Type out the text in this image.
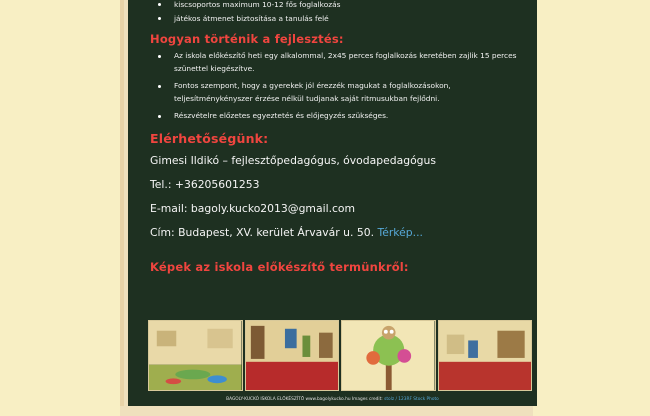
kiscsoportos maximum 10-12 fős foglalkozás
játékos átmenet biztosítása a tanulás felé
Hogyan történik a fejlesztés:
Az iskola előkészítő heti egy alkalommal, 2x45 perces foglalkozás keretében zajlik 15 perces szünettel kiegészítve.
Fontos szempont, hogy a gyerekek jól érezzék magukat a foglalkozásokon, teljesítménykényszer érzése nélkül tudjanak saját ritmusukban fejlődni.
Részvételre előzetes egyeztetés és előjegyzés szükséges.
Elérhetőségünk:
Gimesi Ildikó – fejlesztőpedagógus, óvodapedagógus
Tel.: +36205601253
E-mail: bagoly.kucko2013@gmail.com
Cím: Budapest, XV. kerület Árvavár u. 50. Térkép...
Képek az iskola előkészítő termünkről:
BAGOLY-KUCKÓ ISKOLA ELŐKÉSZÍTŐ www.bagolykucko.hu Images credit: stolz / 123RF Stock Photo
